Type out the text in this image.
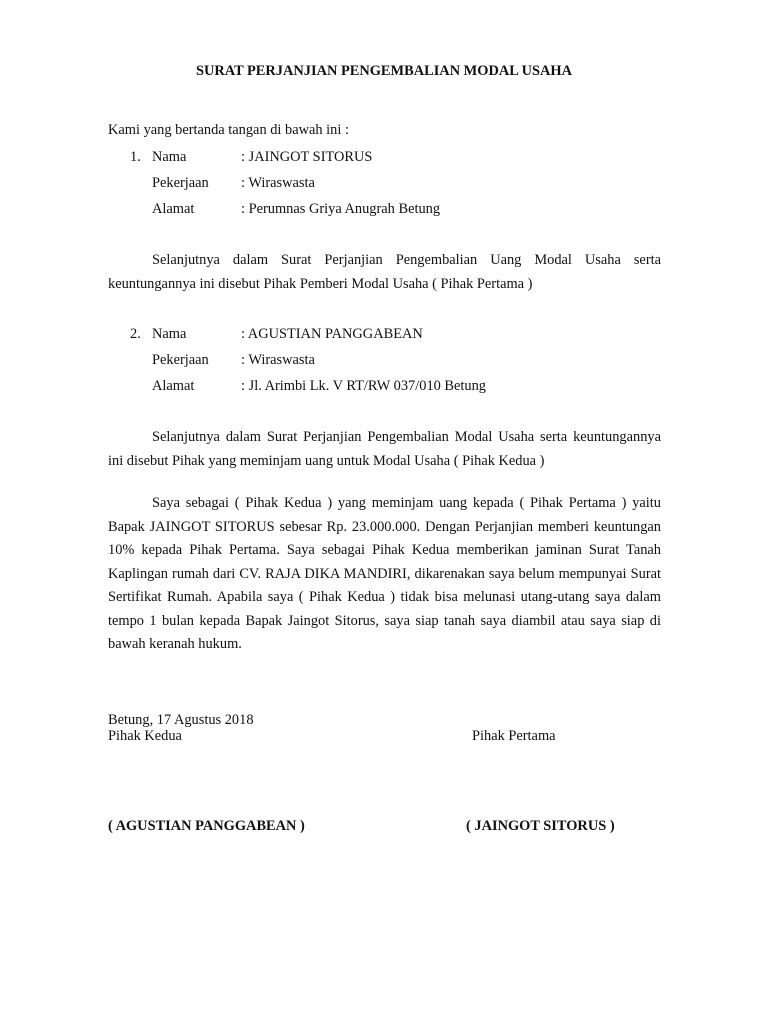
SURAT PERJANJIAN PENGEMBALIAN MODAL USAHA
Kami yang bertanda tangan di bawah ini :
1. Nama	: JAINGOT SITORUS
Pekerjaan : Wiraswasta
Alamat	: Perumnas Griya Anugrah Betung

Selanjutnya dalam Surat Perjanjian Pengembalian Uang Modal Usaha serta keuntungannya ini disebut Pihak Pemberi Modal Usaha ( Pihak Pertama )

2. Nama	: AGUSTIAN PANGGABEAN
Pekerjaan : Wiraswasta
Alamat	: Jl. Arimbi Lk. V RT/RW 037/010 Betung

Selanjutnya dalam Surat Perjanjian Pengembalian Modal Usaha serta keuntungannya ini disebut Pihak yang meminjam uang untuk Modal Usaha ( Pihak Kedua )

Saya sebagai ( Pihak Kedua ) yang meminjam uang kepada ( Pihak Pertama ) yaitu Bapak JAINGOT SITORUS sebesar Rp. 23.000.000. Dengan Perjanjian memberi keuntungan 10% kepada Pihak Pertama. Saya sebagai Pihak Kedua memberikan jaminan Surat Tanah Kaplingan rumah dari CV. RAJA DIKA MANDIRI, dikarenakan saya belum mempunyai Surat Sertifikat Rumah. Apabila saya ( Pihak Kedua ) tidak bisa melunasi utang-utang saya dalam tempo 1 bulan kepada Bapak Jaingot Sitorus, saya siap tanah saya diambil atau saya siap di bawah keranah hukum.

Betung, 17 Agustus 2018
Pihak Kedua	Pihak Pertama
( AGUSTIAN PANGGABEAN )	( JAINGOT SITORUS )
